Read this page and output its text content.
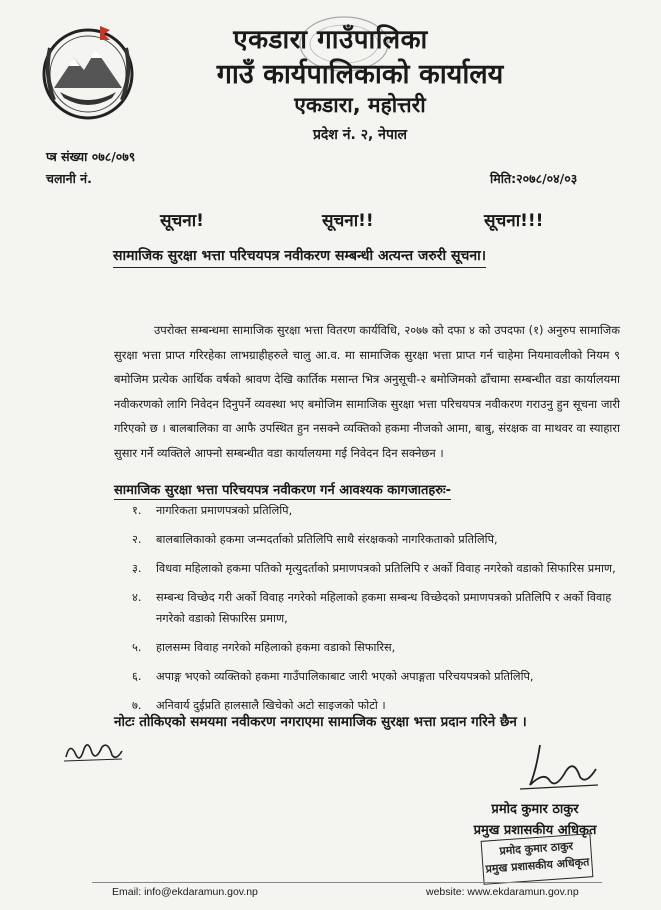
एकडारा गाउँपालिका
गाउँ कार्यपालिकाको कार्यालय
एकडारा, महोत्तरी
प्रदेश नं. २, नेपाल
प्त्र संख्या ०७८/०७९
चलानी नं.	मिति:२०७८/०४/०३
सूचना!	सूचना!!	सूचना!!!
सामाजिक सुरक्षा भत्ता परिचयपत्र नवीकरण सम्बन्धी अत्यन्त जरुरी सूचना।

उपरोक्त सम्बन्धमा सामाजिक सुरक्षा भत्ता वितरण कार्यविधि, २०७७ को दफा ४ को उपदफा (१) अनुरुप सामाजिक सुरक्षा भत्ता प्राप्त गरिरहेका लाभग्राहीहरुले चालु आ.व. मा सामाजिक सुरक्षा भत्ता प्राप्त गर्न चाहेमा नियमावलीको नियम ९ बमोजिम प्रत्येक आर्थिक वर्षको श्रावण देखि कार्तिक मसान्त भित्र अनुसूची-२ बमोजिमको ढाँचामा सम्बन्धीत वडा कार्यालयमा नवीकरणको लागि निवेदन दिनुपर्ने व्यवस्था भए बमोजिम सामाजिक सुरक्षा भत्ता परिचयपत्र नवीकरण गराउनु हुन सूचना जारी गरिएको छ । बालबालिका वा आफै उपस्थित हुन नसक्ने व्यक्तिको हकमा नीजको आमा, बाबु, संरक्षक वा माथवर वा स्याहारा सुसार गर्ने व्यक्तिले आफ्नो सम्बन्धीत वडा कार्यालयमा गई निवेदन दिन सक्नेछन ।

सामाजिक सुरक्षा भत्ता परिचयपत्र नवीकरण गर्न आवश्यक कागजातहरुः-
१.	नागरिकता प्रमाणपत्रको प्रतिलिपि,
२.	बालबालिकाको हकमा जन्मदर्ताको प्रतिलिपि साथै संरक्षकको नागरिकताको प्रतिलिपि,
३.	विधवा महिलाको हकमा पतिको मृत्युदर्ताको प्रमाणपत्रको प्रतिलिपि र अर्को विवाह नगरेको वडाको सिफारिस प्रमाण,
४.	सम्बन्ध विच्छेद गरी अर्को विवाह नगरेको महिलाको हकमा सम्बन्ध विच्छेदको प्रमाणपत्रको प्रतिलिपि र अर्को विवाह नगरेको वडाको सिफारिस प्रमाण,
५.	हालसम्म विवाह नगरेको महिलाको हकमा वडाको सिफारिस,
६.	अपाङ्ग भएको व्यक्तिको हकमा गाउँपालिकाबाट जारी भएको अपाङ्गता परिचयपत्रको प्रतिलिपि,
७.	अनिवार्य दुईप्रति हालसालै खिचेको अटो साइजको फोटो ।
नोटः तोकिएको समयमा नवीकरण नगराएमा सामाजिक सुरक्षा भत्ता प्रदान गरिने छैन ।
प्रमोद कुमार ठाकुर
प्रमुख प्रशासकीय अधिकृत
प्रमोद कुमार ठाकुर
प्रमुख प्रशासकीय अधिकृत
Email: info@ekdaramun.gov.np	website: www.ekdaramun.gov.np
